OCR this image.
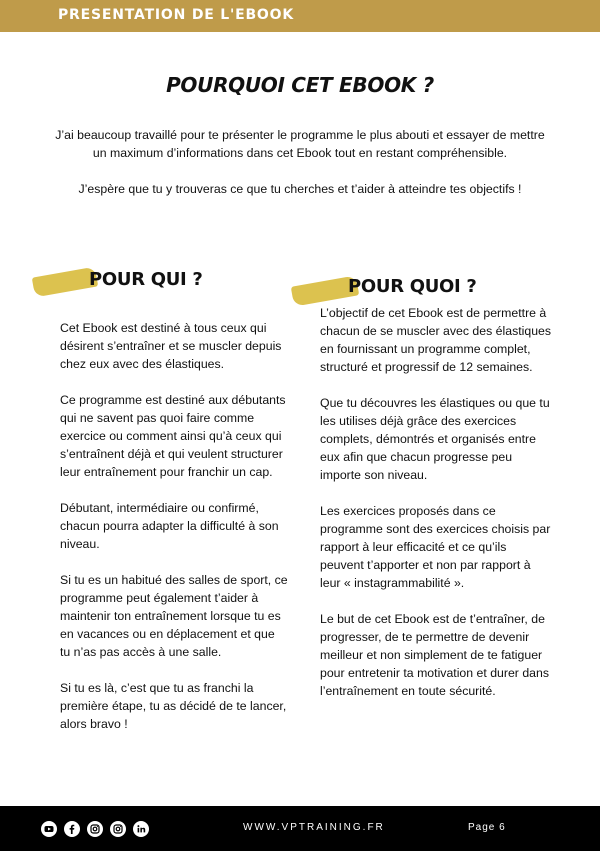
PRESENTATION DE L'EBOOK
POURQUOI CET EBOOK ?

J’ai beaucoup travaillé pour te présenter le programme le plus abouti et essayer de mettre un maximum d’informations dans cet Ebook tout en restant compréhensible.

J’espère que tu y trouveras ce que tu cherches et t’aider à atteindre tes objectifs !

POUR QUI ?	POUR QUOI ?

Cet Ebook est destiné à tous ceux qui désirent s’entraîner et se muscler depuis chez eux avec des élastiques.

Ce programme est destiné aux débutants qui ne savent pas quoi faire comme exercice ou comment ainsi qu’à ceux qui s’entraînent déjà et qui veulent structurer leur entraînement pour franchir un cap.

Débutant, intermédiaire ou confirmé, chacun pourra adapter la difficulté à son niveau.

Si tu es un habitué des salles de sport, ce programme peut également t’aider à maintenir ton entraînement lorsque tu es en vacances ou en déplacement et que tu n’as pas accès à une salle.

Si tu es là, c’est que tu as franchi la première étape, tu as décidé de te lancer, alors bravo !

L’objectif de cet Ebook est de permettre à chacun de se muscler avec des élastiques en fournissant un programme complet, structuré et progressif de 12 semaines.

Que tu découvres les élastiques ou que tu les utilises déjà grâce des exercices complets, démontrés et organisés entre eux afin que chacun progresse peu importe son niveau.

Les exercices proposés dans ce programme sont des exercices choisis par rapport à leur efficacité et ce qu’ils peuvent t’apporter et non par rapport à leur « instagrammabilité ».

Le but de cet Ebook est de t’entraîner, de progresser, de te permettre de devenir meilleur et non simplement de te fatiguer pour entretenir ta motivation et durer dans l’entraînement en toute sécurité.

WWW.VPTRAINING.FR	Page 6
